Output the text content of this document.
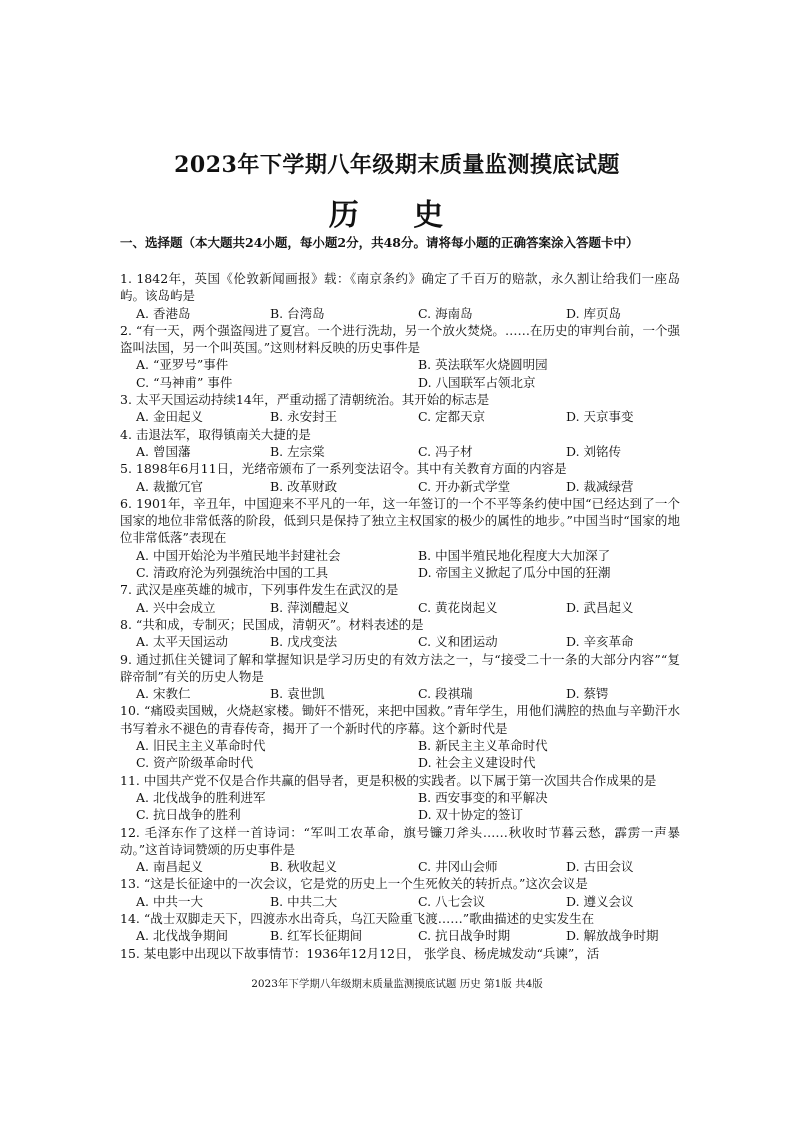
2023年下学期八年级期末质量监测摸底试题
历 史
一、选择题（本大题共24小题，每小题2分，共48分。请将每小题的正确答案涂入答题卡中）
1. 1842年，英国《伦敦新闻画报》载：《南京条约》确定了千百万的赔款，永久割让给我们一座岛屿。该岛屿是
A. 香港岛	B. 台湾岛	C. 海南岛	D. 库页岛
2. “有一天，两个强盗闯进了夏宫。一个进行洗劫，另一个放火焚烧。……在历史的审判台前，一个强盗叫法国，另一个叫英国。”这则材料反映的历史事件是
A. “亚罗号”事件	B. 英法联军火烧圆明园
C. “马神甫” 事件	D. 八国联军占领北京
3. 太平天国运动持续14年，严重动摇了清朝统治。其开始的标志是
A. 金田起义	B. 永安封王	C. 定都天京	D. 天京事变
4. 击退法军，取得镇南关大捷的是
A. 曾国藩	B. 左宗棠	C. 冯子材	D. 刘铭传
5. 1898年6月11日，光绪帝颁布了一系列变法诏令。其中有关教育方面的内容是
A. 裁撤冗官	B. 改革财政	C. 开办新式学堂	D. 裁减绿营
6. 1901年，辛丑年，中国迎来不平凡的一年，这一年签订的一个不平等条约使中国“已经达到了一个国家的地位非常低落的阶段，低到只是保持了独立主权国家的极少的属性的地步。”中国当时“国家的地位非常低落”表现在
A. 中国开始沦为半殖民地半封建社会	B. 中国半殖民地化程度大大加深了
C. 清政府沦为列强统治中国的工具	D. 帝国主义掀起了瓜分中国的狂潮
7. 武汉是座英雄的城市，下列事件发生在武汉的是
A. 兴中会成立	B. 萍浏醴起义	C. 黄花岗起义	D. 武昌起义
8. “共和成，专制灭；民国成，清朝灭”。材料表述的是
A. 太平天国运动	B. 戊戌变法	C. 义和团运动	D. 辛亥革命
9. 通过抓住关键词了解和掌握知识是学习历史的有效方法之一，与“接受二十一条的大部分内容”“复辟帝制”有关的历史人物是
A. 宋教仁	B. 袁世凯	C. 段祺瑞	D. 蔡锷
10. “痛殴卖国贼，火烧赵家楼。锄奸不惜死，来把中国救。”青年学生，用他们满腔的热血与辛勤汗水书写着永不褪色的青春传奇，揭开了一个新时代的序幕。这个新时代是
A. 旧民主主义革命时代	B. 新民主主义革命时代
C. 资产阶级革命时代	D. 社会主义建设时代
11. 中国共产党不仅是合作共赢的倡导者，更是积极的实践者。以下属于第一次国共合作成果的是
A. 北伐战争的胜利进军	B. 西安事变的和平解决
C. 抗日战争的胜利	D. 双十协定的签订
12. 毛泽东作了这样一首诗词：“军叫工农革命，旗号镰刀斧头……秋收时节暮云愁，霹雳一声暴动。”这首诗词赞颂的历史事件是
A. 南昌起义	B. 秋收起义	C. 井冈山会师	D. 古田会议
13. “这是长征途中的一次会议，它是党的历史上一个生死攸关的转折点。”这次会议是
A. 中共一大	B. 中共二大	C. 八七会议	D. 遵义会议
14. “战士双脚走天下，四渡赤水出奇兵，乌江天险重飞渡……”歌曲描述的史实发生在
A. 北伐战争期间	B. 红军长征期间	C. 抗日战争时期	D. 解放战争时期
15. 某电影中出现以下故事情节：1936年12月12日， 张学良、杨虎城发动“兵谏”，活
2023年下学期八年级期末质量监测摸底试题 历史 第1版 共4版
